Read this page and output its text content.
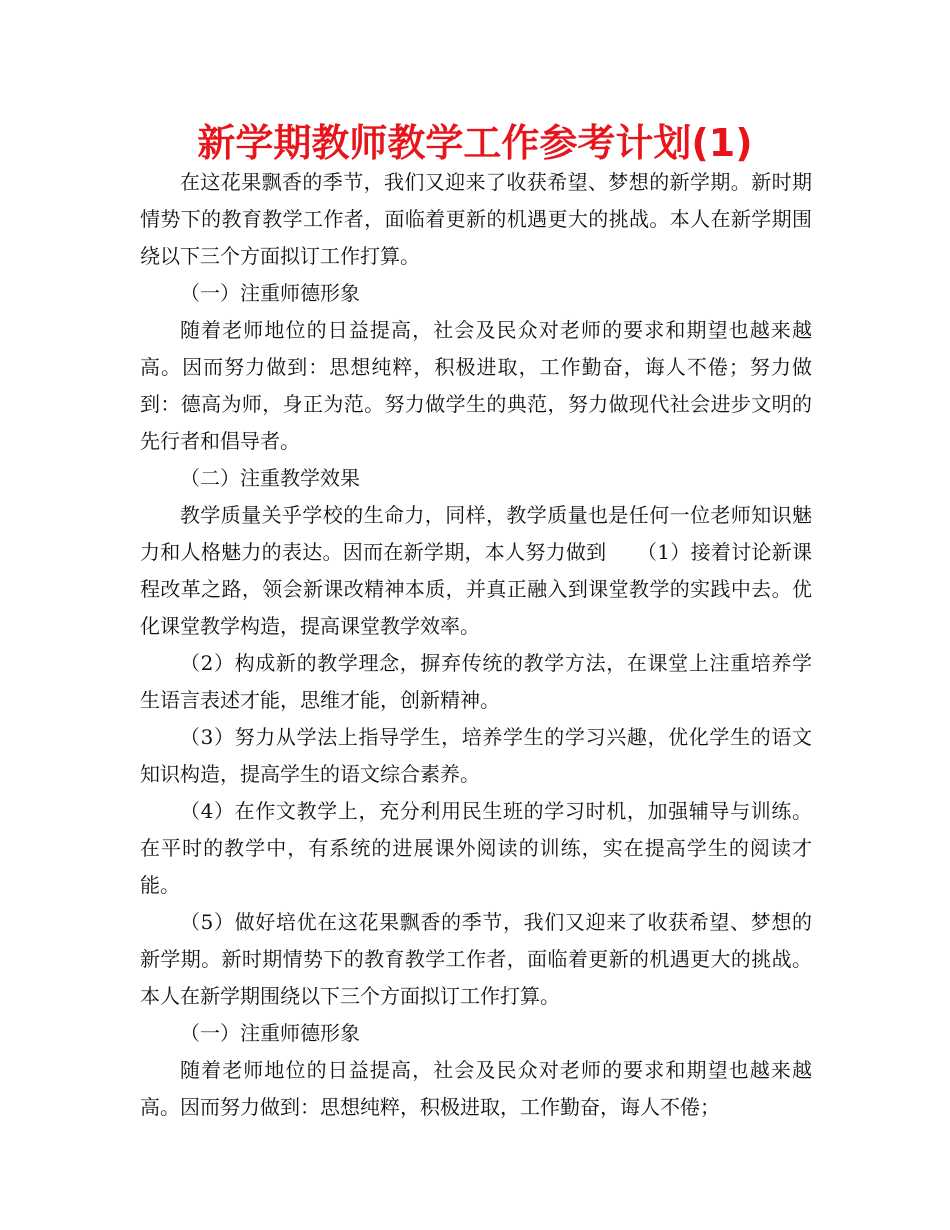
新学期教师教学工作参考计划(1)

在这花果飘香的季节，我们又迎来了收获希望、梦想的新学期。新时期情势下的教育教学工作者，面临着更新的机遇更大的挑战。本人在新学期围绕以下三个方面拟订工作打算。

（一）注重师德形象

随着老师地位的日益提高，社会及民众对老师的要求和期望也越来越高。因而努力做到：思想纯粹，积极进取，工作勤奋，诲人不倦；努力做到：德高为师，身正为范。努力做学生的典范，努力做现代社会进步文明的先行者和倡导者。

（二）注重教学效果

教学质量关乎学校的生命力，同样，教学质量也是任何一位老师知识魅力和人格魅力的表达。因而在新学期，本人努力做到　　（1）接着讨论新课程改革之路，领会新课改精神本质，并真正融入到课堂教学的实践中去。优化课堂教学构造，提高课堂教学效率。

（2）构成新的教学理念，摒弃传统的教学方法，在课堂上注重培养学生语言表述才能，思维才能，创新精神。

（3）努力从学法上指导学生，培养学生的学习兴趣，优化学生的语文知识构造，提高学生的语文综合素养。

（4）在作文教学上，充分利用民生班的学习时机，加强辅导与训练。在平时的教学中，有系统的进展课外阅读的训练，实在提高学生的阅读才能。

（5）做好培优在这花果飘香的季节，我们又迎来了收获希望、梦想的新学期。新时期情势下的教育教学工作者，面临着更新的机遇更大的挑战。本人在新学期围绕以下三个方面拟订工作打算。

（一）注重师德形象

随着老师地位的日益提高，社会及民众对老师的要求和期望也越来越高。因而努力做到：思想纯粹，积极进取，工作勤奋，诲人不倦；
